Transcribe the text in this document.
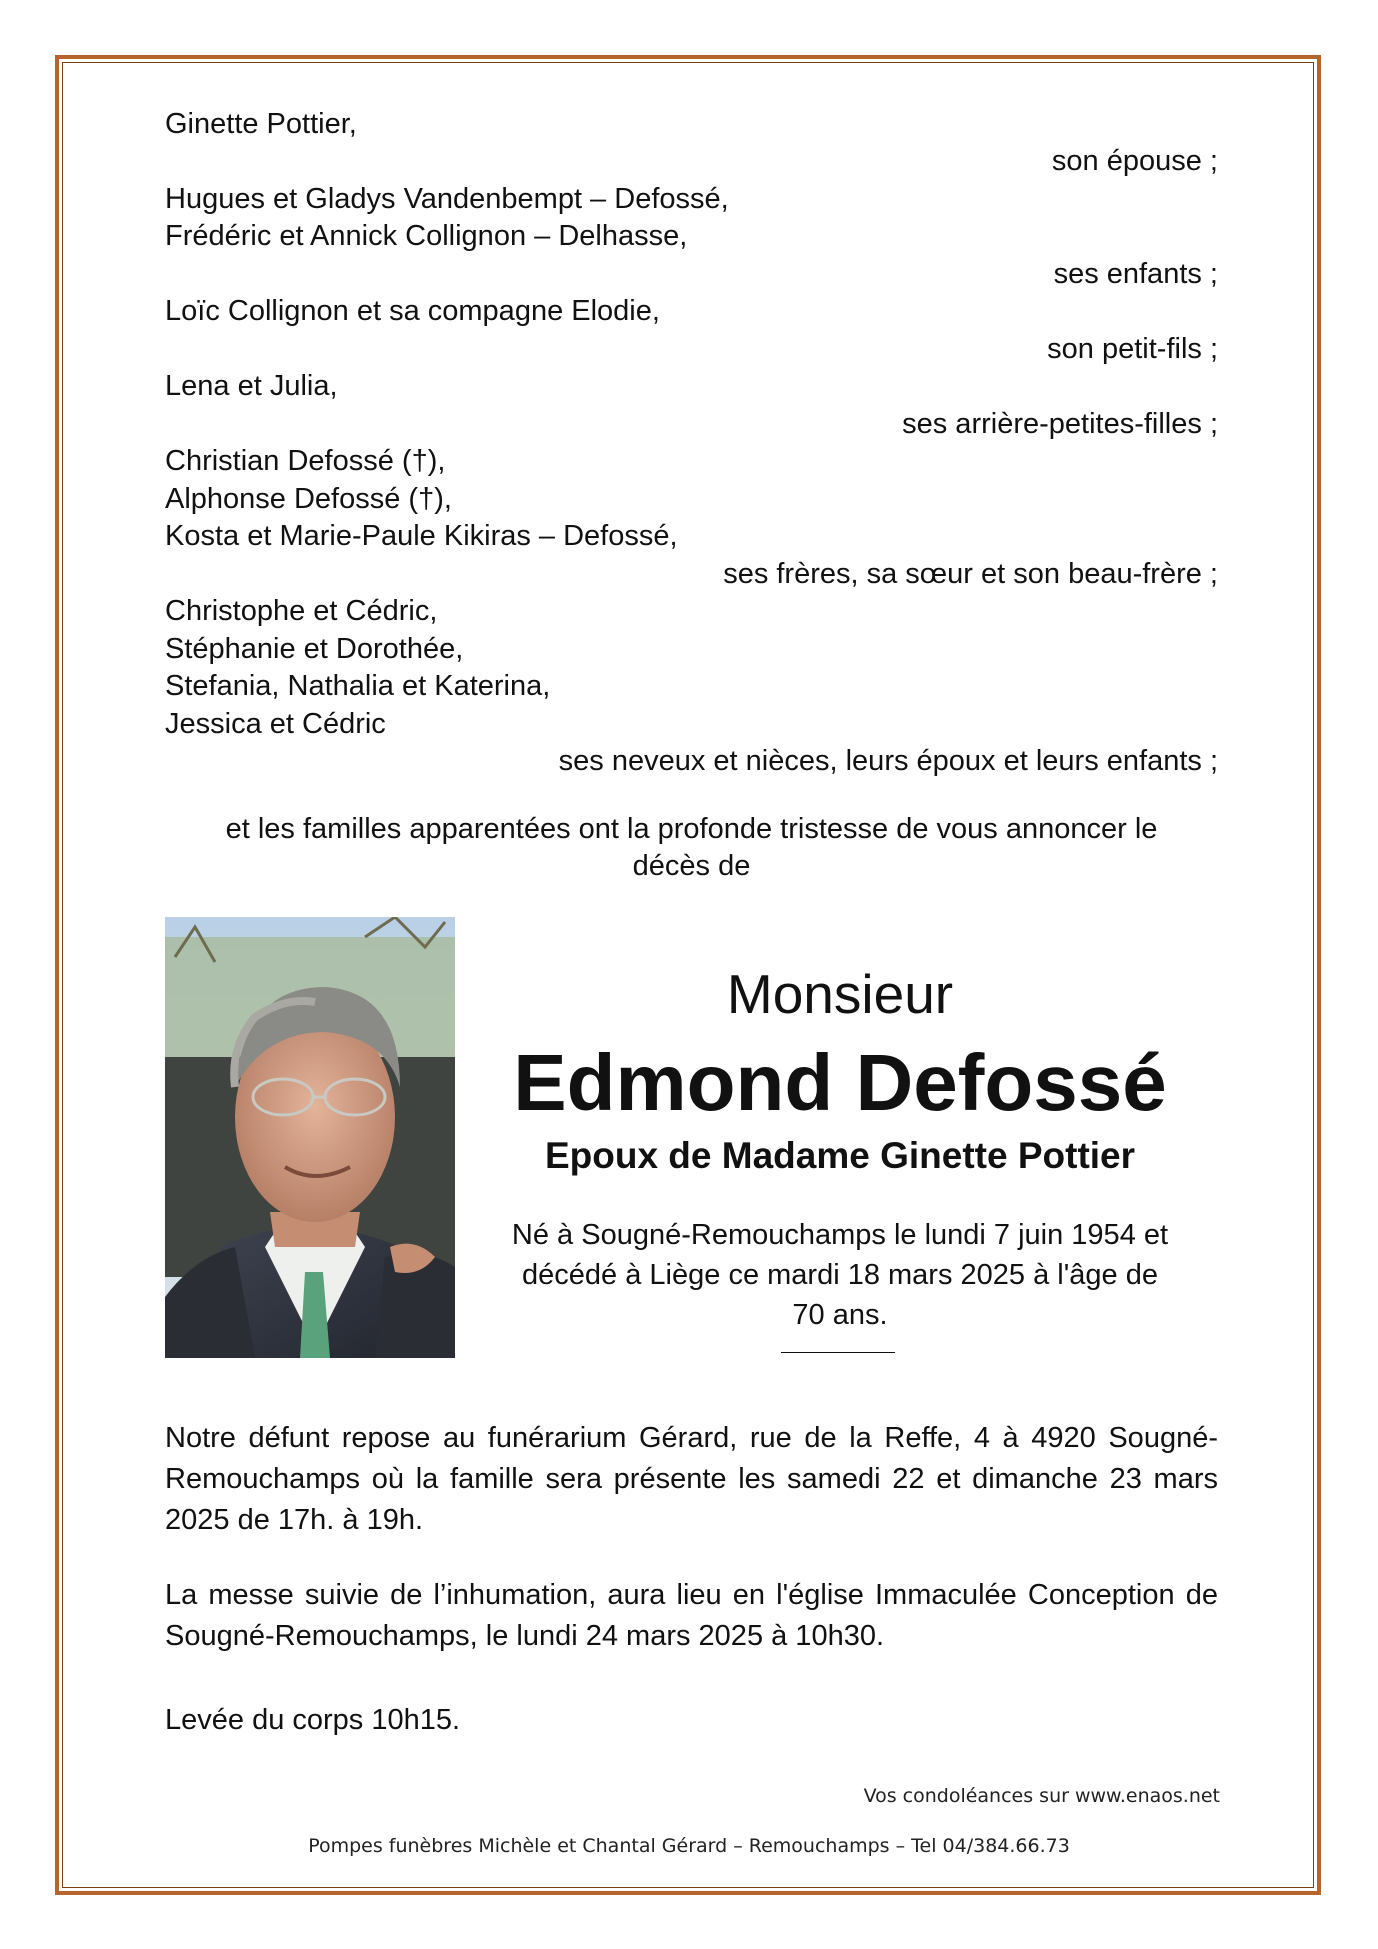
Ginette Pottier,
son épouse ;
Hugues et Gladys Vandenbempt – Defossé,
Frédéric et Annick Collignon – Delhasse,
ses enfants ;
Loïc Collignon et sa compagne Elodie,
son petit-fils ;
Lena et Julia,
ses arrière-petites-filles ;
Christian Defossé (†),
Alphonse Defossé (†),
Kosta et Marie-Paule Kikiras – Defossé,
ses frères, sa sœur et son beau-frère ;
Christophe et Cédric,
Stéphanie et Dorothée,
Stefania, Nathalia et Katerina,
Jessica et Cédric
ses neveux et nièces, leurs époux et leurs enfants ;
et les familles apparentées ont la profonde tristesse de vous annoncer le
décès de
Monsieur
Edmond Defossé
Epoux de Madame Ginette Pottier
Né à Sougné-Remouchamps le lundi 7 juin 1954 et
décédé à Liège ce mardi 18 mars 2025 à l'âge de
70 ans.
Notre défunt repose au funérarium Gérard, rue de la Reffe, 4 à 4920 Sougné-Remouchamps où la famille sera présente les samedi 22 et dimanche 23 mars 2025 de 17h. à 19h.
La messe suivie de l’inhumation, aura lieu en l'église Immaculée Conception de Sougné-Remouchamps, le lundi 24 mars 2025 à 10h30.
Levée du corps 10h15.
Vos condoléances sur www.enaos.net
Pompes funèbres Michèle et Chantal Gérard – Remouchamps – Tel 04/384.66.73
